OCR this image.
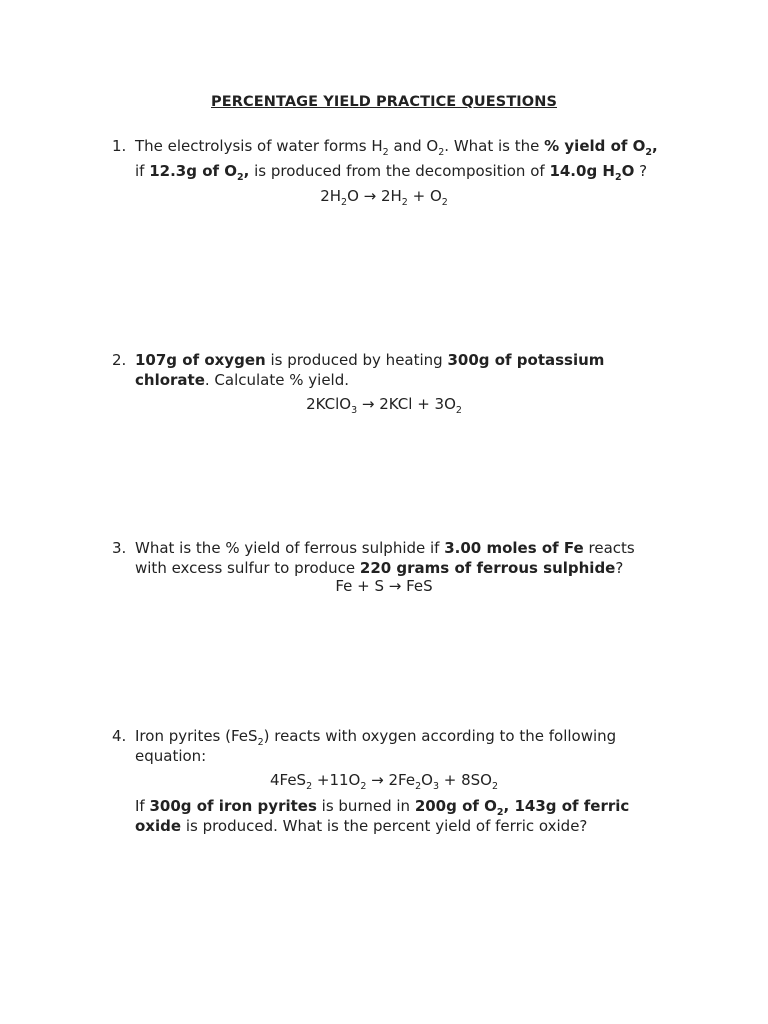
PERCENTAGE YIELD PRACTICE QUESTIONS
1. The electrolysis of water forms $H_2$ and $O_2$. What is the % yield of $O_2$,
if 12.3g of $O_2$, is produced from the decomposition of 14.0g $H_2O$ ?
$2H_2O \to 2H_2 + O_2$
2. 107g of oxygen is produced by heating 300g of potassium chlorate. Calculate % yield.
2KClO$_3$ → $2KCl + 3O_2$
3. What is the % yield of ferrous sulphide if 3.00 moles of Fe reacts with excess sulfur to produce 220 grams of ferrous sulphide?
Fe + S → FeS
4. Iron pyrites (FeS$_2$) reacts with oxygen according to the following equation:
$4FeS_2 +11O_2 \to 2Fe_2O_3 + 8SO_2$
If 300g of iron pyrites is burned in 200g of $O_2$, 143g of ferric oxide is produced. What is the percent yield of ferric oxide?
